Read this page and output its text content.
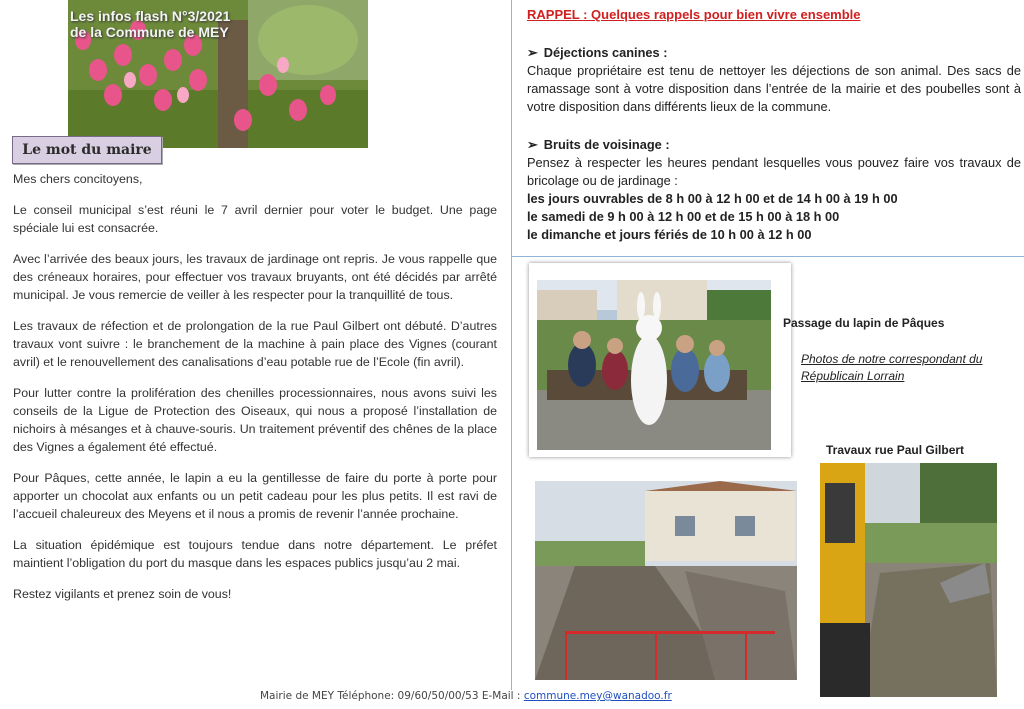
Les infos flash N°3/2021
de la Commune de MEY
Le mot du maire

Mes chers concitoyens,

Le conseil municipal s’est réuni le 7 avril dernier pour voter le budget. Une page spéciale lui est consacrée.

Avec l’arrivée des beaux jours, les travaux de jardinage ont repris. Je vous rappelle que des créneaux horaires, pour effectuer vos travaux bruyants, ont été décidés par arrêté municipal. Je vous remercie de veiller à les respecter pour la tranquillité de tous.

Les travaux de réfection et de prolongation de la rue Paul Gilbert ont débuté. D’autres travaux vont suivre : le branchement de la machine à pain place des Vignes (courant avril) et le renouvellement des canalisations d’eau potable rue de l’Ecole (fin avril).

Pour lutter contre la prolifération des chenilles processionnaires, nous avons suivi les conseils de la Ligue de Protection des Oiseaux, qui nous a proposé l’installation de nichoirs à mésanges et à chauve-souris. Un traitement préventif des chênes de la place des Vignes a également été effectué.

Pour Pâques, cette année, le lapin a eu la gentillesse de faire du porte à porte pour apporter un chocolat aux enfants ou un petit cadeau pour les plus petits. Il est ravi de l’accueil chaleureux des Meyens et il nous a promis de revenir l’année prochaine.

La situation épidémique est toujours tendue dans notre département. Le préfet maintient l’obligation du port du masque dans les espaces publics jusqu’au 2 mai.

Restez vigilants et prenez soin de vous!

RAPPEL : Quelques rappels pour bien vivre ensemble
➢ Déjections canines :
Chaque propriétaire est tenu de nettoyer les déjections de son animal. Des sacs de ramassage sont à votre disposition dans l’entrée de la mairie et des poubelles sont à votre disposition dans différents lieux de la commune.
➢ Bruits de voisinage :
Pensez à respecter les heures pendant lesquelles vous pouvez faire vos travaux de bricolage ou de jardinage :
les jours ouvrables de 8 h 00 à 12 h 00 et de 14 h 00 à 19 h 00
le samedi de 9 h 00 à 12 h 00 et de 15 h 00 à 18 h 00
le dimanche et jours fériés de 10 h 00 à 12 h 00
Passage du lapin de Pâques
Photos de notre correspondant du Républicain Lorrain
Travaux rue Paul Gilbert
Mairie de MEY Téléphone: 09/60/50/00/53 E-Mail : commune.mey@wanadoo.fr
